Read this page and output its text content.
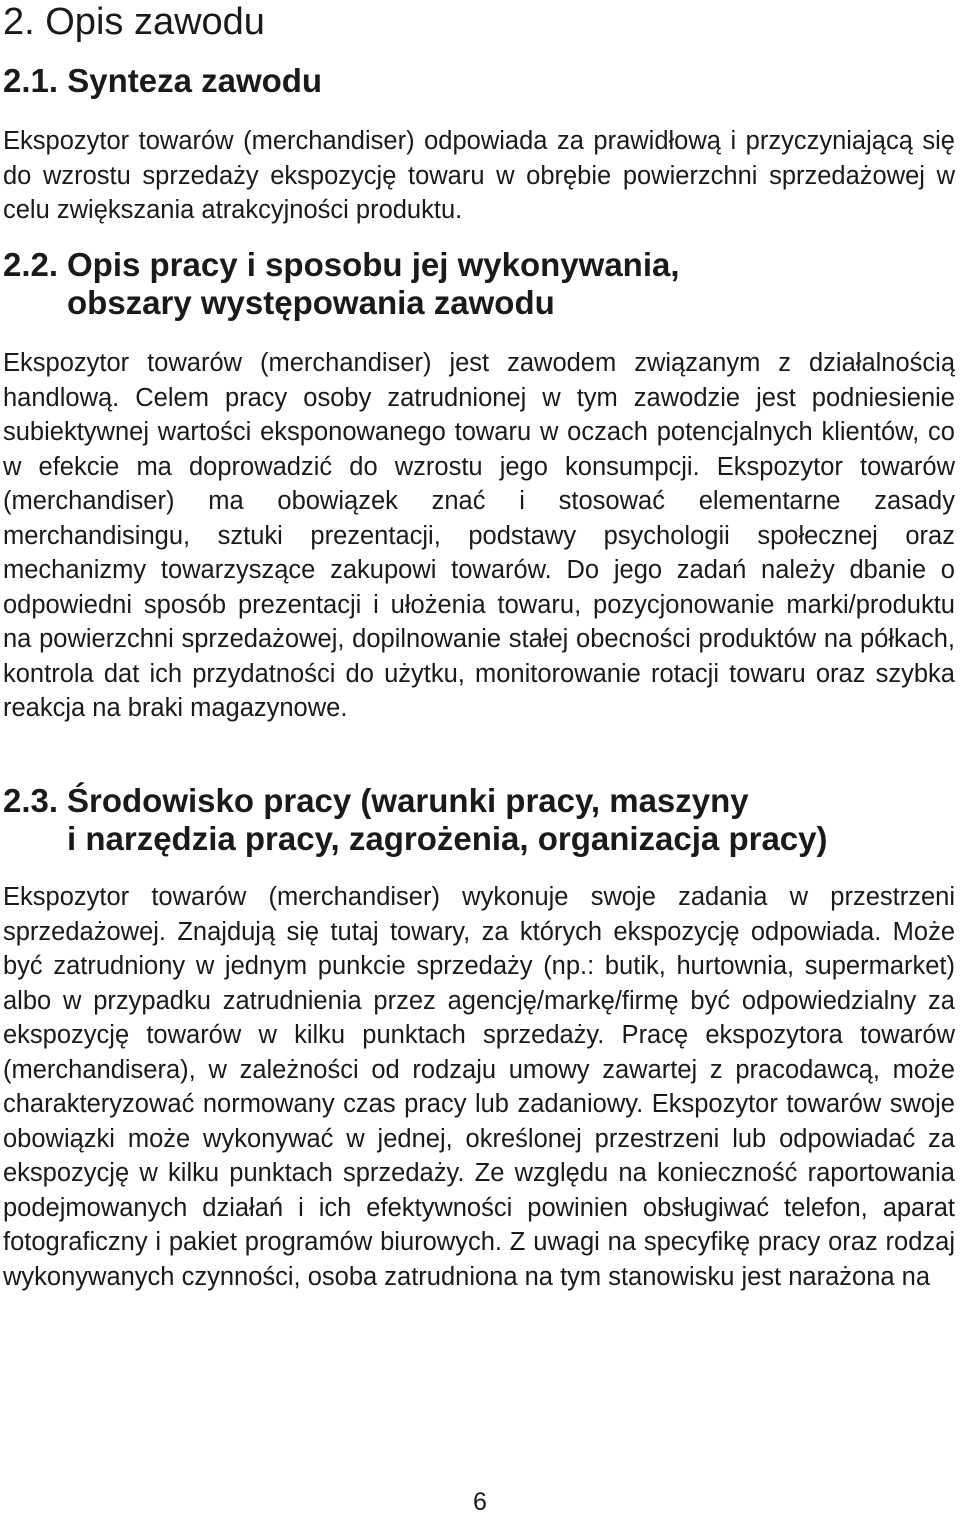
2. Opis zawodu
2.1. Synteza zawodu

Ekspozytor towarów (merchandiser) odpowiada za prawidłową i przyczyniającą się do wzrostu sprzedaży ekspozycję towaru w obrębie powierzchni sprzedażowej w celu zwiększania atrakcyjności produktu.

2.2. Opis pracy i sposobu jej wykonywania,
obszary występowania zawodu

Ekspozytor towarów (merchandiser) jest zawodem związanym z działalnością handlową. Celem pracy osoby zatrudnionej w tym zawodzie jest podniesienie subiektywnej wartości eksponowanego towaru w oczach potencjalnych klientów, co w efekcie ma doprowadzić do wzrostu jego konsumpcji. Ekspozytor towarów (merchandiser) ma obowiązek znać i stosować elementarne zasady merchandisingu, sztuki prezentacji, podstawy psychologii społecznej oraz mechanizmy towarzyszące zakupowi towarów. Do jego zadań należy dbanie o odpowiedni sposób prezentacji i ułożenia towaru, pozycjonowanie marki/produktu na powierzchni sprzedażowej, dopilnowanie stałej obecności produktów na półkach, kontrola dat ich przydatności do użytku, monitorowanie rotacji towaru oraz szybka reakcja na braki magazynowe.

2.3. Środowisko pracy (warunki pracy, maszyny
i narzędzia pracy, zagrożenia, organizacja pracy)

Ekspozytor towarów (merchandiser) wykonuje swoje zadania w przestrzeni sprzedażowej. Znajdują się tutaj towary, za których ekspozycję odpowiada. Może być zatrudniony w jednym punkcie sprzedaży (np.: butik, hurtownia, supermarket) albo w przypadku zatrudnienia przez agencję/markę/firmę być odpowiedzialny za ekspozycję towarów w kilku punktach sprzedaży. Pracę ekspozytora towarów (merchandisera), w zależności od rodzaju umowy zawartej z pracodawcą, może charakteryzować normowany czas pracy lub zadaniowy. Ekspozytor towarów swoje obowiązki może wykonywać w jednej, określonej przestrzeni lub odpowiadać za ekspozycję w kilku punktach sprzedaży. Ze względu na konieczność raportowania podejmowanych działań i ich efektywności powinien obsługiwać telefon, aparat fotograficzny i pakiet programów biurowych. Z uwagi na specyfikę pracy oraz rodzaj wykonywanych czynności, osoba zatrudniona na tym stanowisku jest narażona na

6
